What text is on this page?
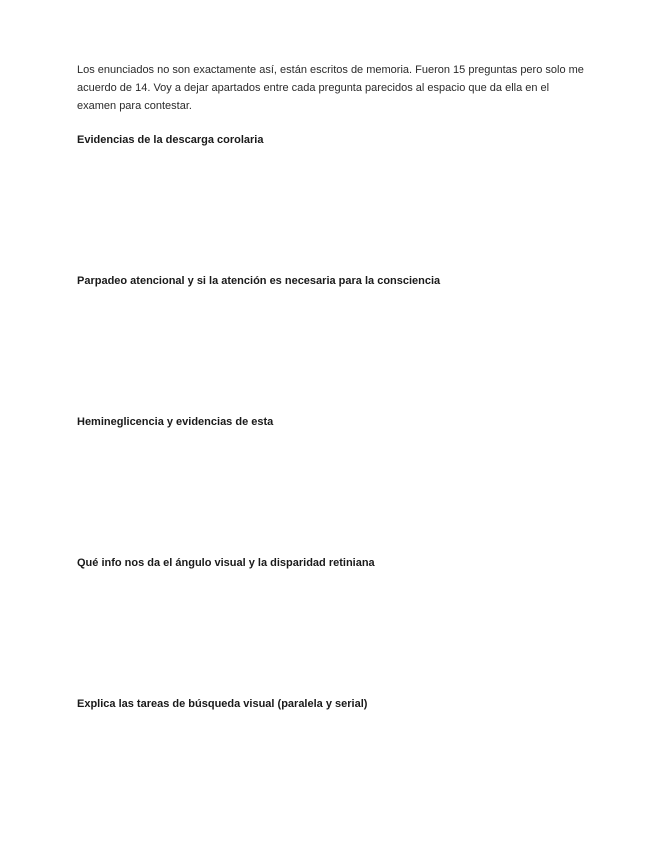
Los enunciados no son exactamente así, están escritos de memoria. Fueron 15 preguntas pero solo me acuerdo de 14. Voy a dejar apartados entre cada pregunta parecidos al espacio que da ella en el examen para contestar.

Evidencias de la descarga corolaria

Parpadeo atencional y si la atención es necesaria para la consciencia

Hemineglicencia y evidencias de esta

Qué info nos da el ángulo visual y la disparidad retiniana

Explica las tareas de búsqueda visual (paralela y serial)
